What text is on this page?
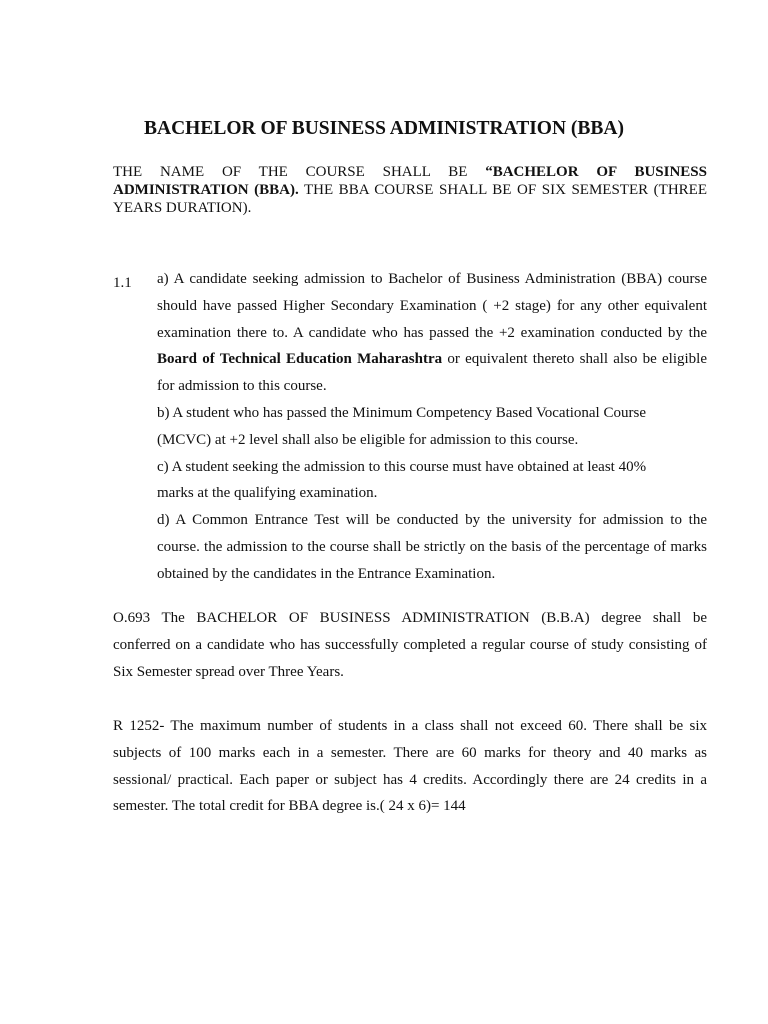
BACHELOR OF BUSINESS ADMINISTRATION (BBA)
THE NAME OF THE COURSE SHALL BE “BACHELOR OF BUSINESS
ADMINISTRATION (BBA). THE BBA COURSE SHALL BE OF SIX SEMESTER (THREE
YEARS DURATION).
1.1 a) A candidate seeking admission to Bachelor of Business Administration (BBA) course
should have passed Higher Secondary Examination ( +2 stage) for any other equivalent
examination there to. A candidate who has passed the +2 examination conducted by the
Board of Technical Education Maharashtra or equivalent thereto shall also be eligible
for admission to this course.
b) A student who has passed the Minimum Competency Based Vocational Course
(MCVC) at +2 level shall also be eligible for admission to this course.
c) A student seeking the admission to this course must have obtained at least 40%
marks at the qualifying examination.
d) A Common Entrance Test will be conducted by the university for admission to the
course. the admission to the course shall be strictly on the basis of the percentage of marks
obtained by the candidates in the Entrance Examination.
O.693 The BACHELOR OF BUSINESS ADMINISTRATION (B.B.A) degree shall be
conferred on a candidate who has successfully completed a regular course of study consisting of
Six Semester spread over Three Years.
R 1252- The maximum number of students in a class shall not exceed 60. There shall be six
subjects of 100 marks each in a semester. There are 60 marks for theory and 40 marks as
sessional/ practical. Each paper or subject has 4 credits. Accordingly there are 24 credits in a
semester. The total credit for BBA degree is.( 24 x 6)= 144
